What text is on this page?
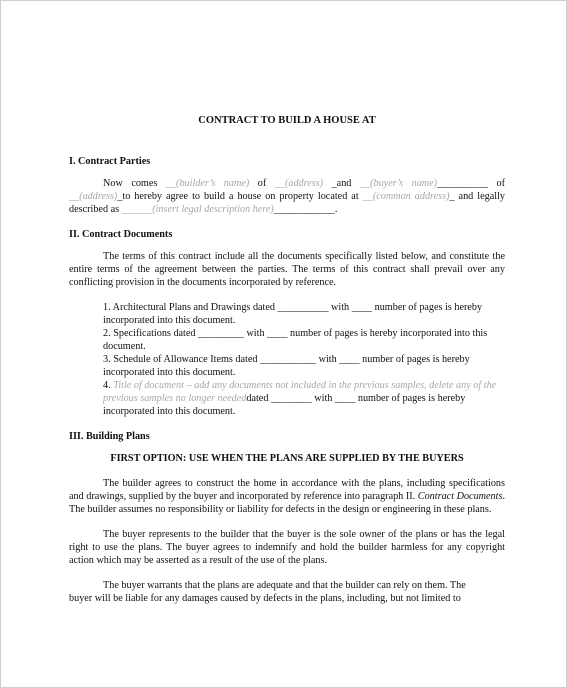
CONTRACT TO BUILD A HOUSE AT
I. Contract Parties

Now comes __(builder’s name) of __(address) _and __(buyer’s name)__________ of __(address)_to hereby agree to build a house on property located at __(common address)_ and legally described as ______(insert legal description here)____________.

II. Contract Documents

The terms of this contract include all the documents specifically listed below, and constitute the entire terms of the agreement between the parties. The terms of this contract shall prevail over any conflicting provision in the documents incorporated by reference.

1. Architectural Plans and Drawings dated __________ with ____ number of pages is hereby incorporated into this document.

2. Specifications dated _________ with ____ number of pages is hereby incorporated into this document.

3. Schedule of Allowance Items dated ___________ with ____ number of pages is hereby incorporated into this document.

4. Title of document – add any documents not included in the previous samples, delete any of the previous samples no longer neededdated ________ with ____ number of pages is hereby incorporated into this document.

III. Building Plans
FIRST OPTION: USE WHEN THE PLANS ARE SUPPLIED BY THE BUYERS

The builder agrees to construct the home in accordance with the plans, including specifications and drawings, supplied by the buyer and incorporated by reference into paragraph II. Contract Documents. The builder assumes no responsibility or liability for defects in the design or engineering in these plans.

The buyer represents to the builder that the buyer is the sole owner of the plans or has the legal right to use the plans. The buyer agrees to indemnify and hold the builder harmless for any copyright action which may be asserted as a result of the use of the plans.

The buyer warrants that the plans are adequate and that the builder can rely on them. The

buyer will be liable for any damages caused by defects in the plans, including, but not limited to
